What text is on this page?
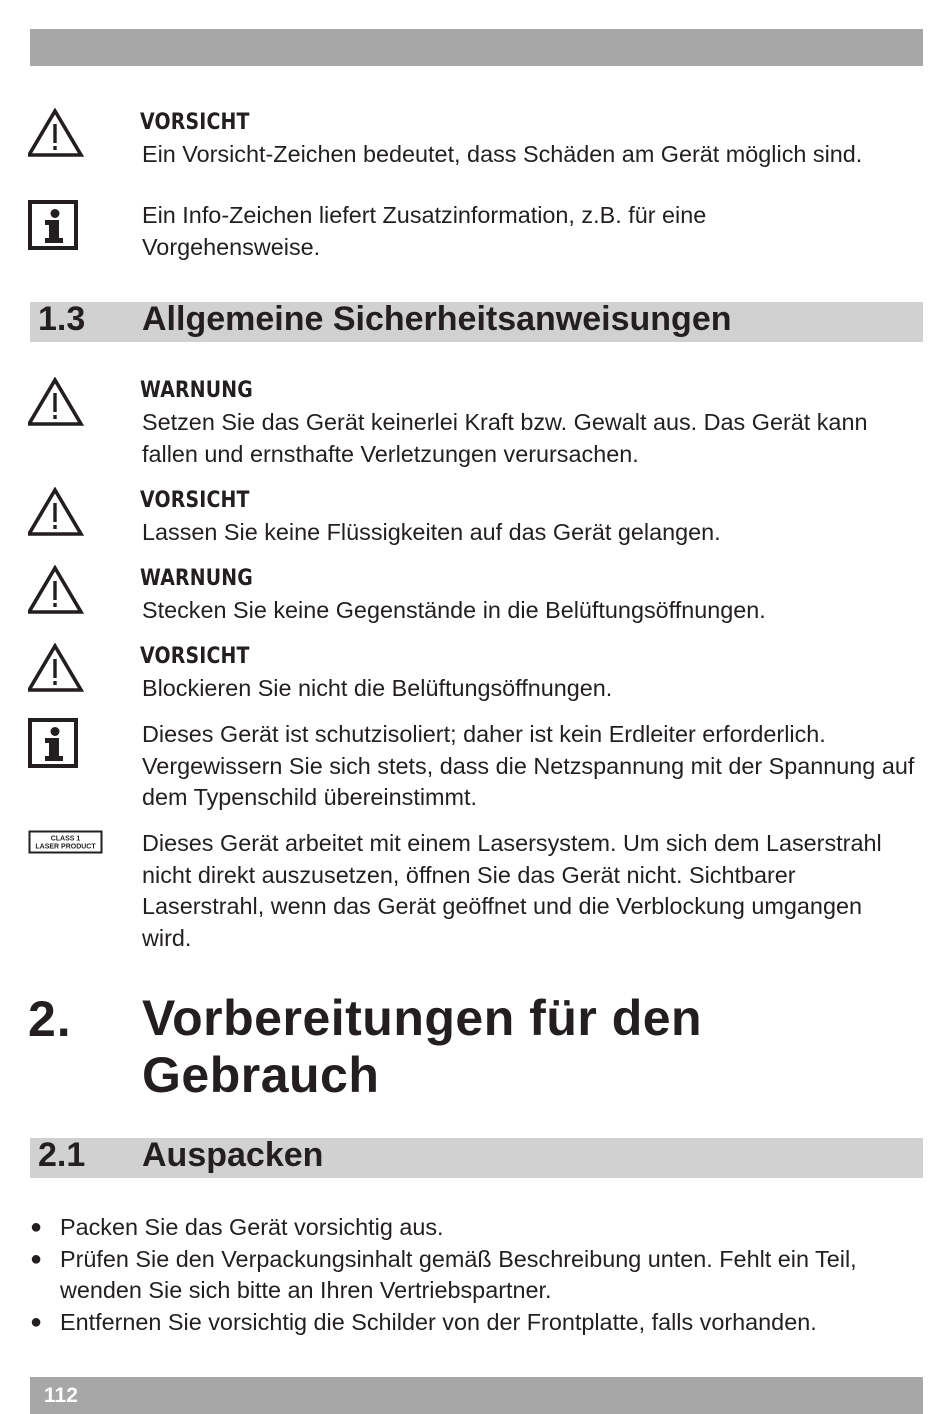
VORSICHT
Ein Vorsicht-Zeichen bedeutet, dass Schäden am Gerät möglich sind.
Ein Info-Zeichen liefert Zusatzinformation, z.B. für eine Vorgehensweise.
1.3 Allgemeine Sicherheitsanweisungen
WARNUNG
Setzen Sie das Gerät keinerlei Kraft bzw. Gewalt aus. Das Gerät kann fallen und ernsthafte Verletzungen verursachen.
VORSICHT
Lassen Sie keine Flüssigkeiten auf das Gerät gelangen.
WARNUNG
Stecken Sie keine Gegenstände in die Belüftungsöffnungen.
VORSICHT
Blockieren Sie nicht die Belüftungsöffnungen.
Dieses Gerät ist schutzisoliert; daher ist kein Erdleiter erforderlich. Vergewissern Sie sich stets, dass die Netzspannung mit der Spannung auf dem Typenschild übereinstimmt.
CLASS 1
LASER PRODUCT Dieses Gerät arbeitet mit einem Lasersystem. Um sich dem Laserstrahl nicht direkt auszusetzen, öffnen Sie das Gerät nicht. Sichtbarer Laserstrahl, wenn das Gerät geöffnet und die Verblockung umgangen wird.
2. Vorbereitungen für den
Gebrauch
2.1 Auspacken
● Packen Sie das Gerät vorsichtig aus.
● Prüfen Sie den Verpackungsinhalt gemäß Beschreibung unten. Fehlt ein Teil, wenden Sie sich bitte an Ihren Vertriebspartner.
● Entfernen Sie vorsichtig die Schilder von der Frontplatte, falls vorhanden.
112
